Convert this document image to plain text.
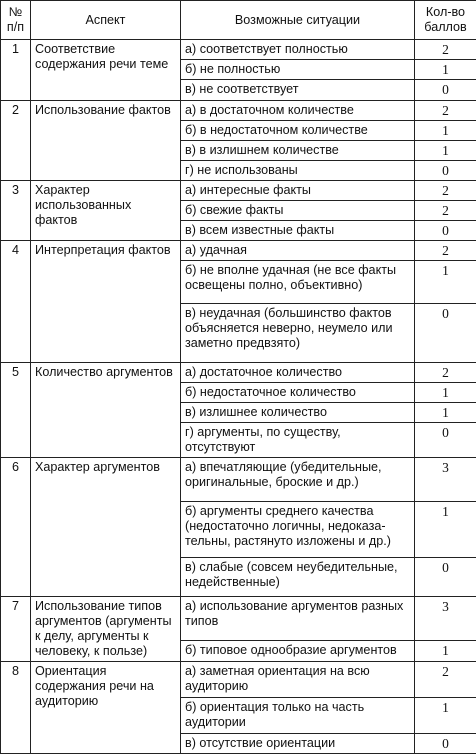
№
п/п	Аспект	Возможные ситуации	Кол-во
баллов
1	Соответствие содержания речи теме	а) соответствует полностью	2
		б) не полностью	1
		в) не соответствует	0
2	Использование фактов	а) в достаточном количестве	2
		б) в недостаточном количестве	1
		в) в излишнем количестве	1
		г) не использованы	0
3	Характер использованных фактов	а) интересные факты	2
		б) свежие факты	2
		в) всем известные факты	0
4	Интерпретация фактов	а) удачная	2
		б) не вполне удачная (не все факты освещены полно, объективно)	1
		в) неудачная (большинство фактов объясняется неверно, неумело или заметно предвзято)	0
5	Количество аргументов	а) достаточное количество	2
		б) недостаточное количество	1
		в) излишнее количество	1
		г) аргументы, по существу, отсутствуют	0
6	Характер аргументов	а) впечатляющие (убедительные, оригинальные, броские и др.)	3
		б) аргументы среднего качества (недостаточно логичны, недоказа-тельны, растянуто изложены и др.)	1
		в) слабые (совсем неубедительные, недейственные)	0
7	Использование типов аргументов (аргументы к делу, аргументы к человеку, к пользе)	а) использование аргументов разных типов	3
		б) типовое однообразие аргументов	1
8	Ориентация содержания речи на аудиторию	а) заметная ориентация на всю аудиторию	2
		б) ориентация только на часть аудитории	1
		в) отсутствие ориентации	0
